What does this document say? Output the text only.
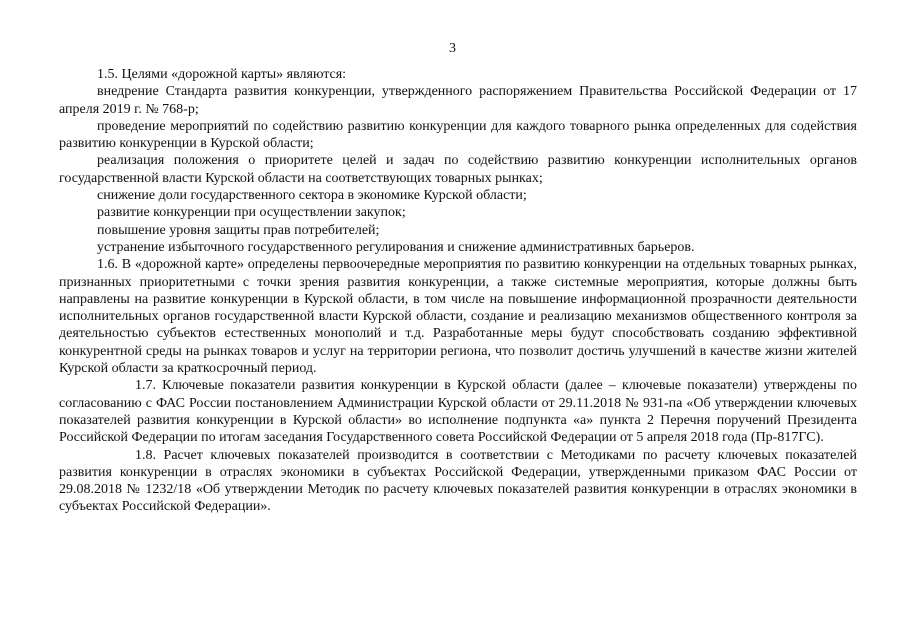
3

1.5. Целями «дорожной карты» являются:

внедрение Стандарта развития конкуренции, утвержденного распоряжением Правительства Российской Федерации от 17 апреля 2019 г. № 768-р;

проведение мероприятий по содействию развитию конкуренции для каждого товарного рынка определенных для содействия развитию конкуренции в Курской области;

реализация положения о приоритете целей и задач по содействию развитию конкуренции исполнительных органов государственной власти Курской области на соответствующих товарных рынках;

снижение доли государственного сектора в экономике Курской области;

развитие конкуренции при осуществлении закупок;

повышение уровня защиты прав потребителей;

устранение избыточного государственного регулирования и снижение административных барьеров.

1.6. В «дорожной карте» определены первоочередные мероприятия по развитию конкуренции на отдельных товарных рынках, признанных приоритетными с точки зрения развития конкуренции, а также системные мероприятия, которые должны быть направлены на развитие конкуренции в Курской области, в том числе на повышение информационной прозрачности деятельности исполнительных органов государственной власти Курской области, создание и реализацию механизмов общественного контроля за деятельностью субъектов естественных монополий и т.д. Разработанные меры будут способствовать созданию эффективной конкурентной среды на рынках товаров и услуг на территории региона, что позволит достичь улучшений в качестве жизни жителей Курской области за краткосрочный период.

1.7. Ключевые показатели развития конкуренции в Курской области (далее – ключевые показатели) утверждены по согласованию с ФАС России постановлением Администрации Курской области от 29.11.2018 № 931-па «Об утверждении ключевых показателей развития конкуренции в Курской области» во исполнение подпункта «а» пункта 2 Перечня поручений Президента Российской Федерации по итогам заседания Государственного совета Российской Федерации от 5 апреля 2018 года (Пр-817ГС).

1.8. Расчет ключевых показателей производится в соответствии с Методиками по расчету ключевых показателей развития конкуренции в отраслях экономики в субъектах Российской Федерации, утвержденными приказом ФАС России от 29.08.2018 № 1232/18 «Об утверждении Методик по расчету ключевых показателей развития конкуренции в отраслях экономики в субъектах Российской Федерации».
